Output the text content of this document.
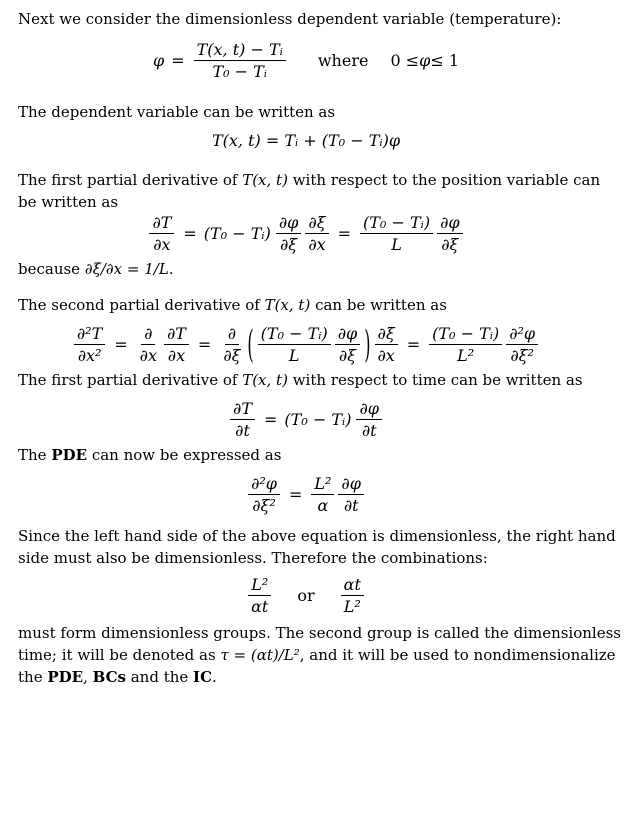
Next we consider the dimensionless dependent variable (temperature):
$\varphi = \frac{\text{T(x, t) − Tᵢ}}{\text{T₀ − Tᵢ}}$ where 0 ≤ φ ≤ 1
The dependent variable can be written as
T(x, t) = Tᵢ + (T₀ − Tᵢ)φ
The first partial derivative of T(x, t) with respect to the position variable can
be written as
$\frac{\partial T}{\partial x} = (T_0$ − Tᵢ) $\frac{\partial\varphi}{\partial\xi} \frac{\partial\xi}{\partial x} = \frac{\text{(T₀ − Tᵢ)}}{L} \frac{\partial\varphi}{\partial\xi}$
because ∂ξ/∂x = 1/L.
The second partial derivative of T(x, t) can be written as
$\frac{\text{∂²T}}{\text{∂x²}} = \frac{\partial}{\partial x} \frac{\partial T}{\partial x} = \frac{\partial}{\partial\xi}$ ( $\frac{\text{(T₀ − Tᵢ)}}{L} \frac{\partial\varphi}{\partial\xi}$ ) $\frac{\partial\xi}{\partial x} = \frac{\text{(T₀ − Tᵢ)}}{\text{L²}} \frac{\text{∂²φ}}{\text{∂ξ²}}$
The first partial derivative of T(x, t) with respect to time can be written as
$\frac{\partial T}{\partial t} = (T_0$ − Tᵢ) $\frac{\partial\varphi}{\partial t}$
The PDE can now be expressed as
$\frac{\text{∂²φ}}{\text{∂ξ²}} = \frac{\text{L²}}{\alpha} \frac{\partial\varphi}{\partial t}$
Since the left hand side of the above equation is dimensionless, the right hand
side must also be dimensionless. Therefore the combinations:
$\frac{\text{L²}}{\alpha t}$ or $\frac{\alpha t}{\text{L²}}$
must form dimensionless groups. The second group is called the dimensionless
time; it will be denoted as τ = (αt)/L², and it will be used to nondimensionalize
the PDE, BCs and the IC.
